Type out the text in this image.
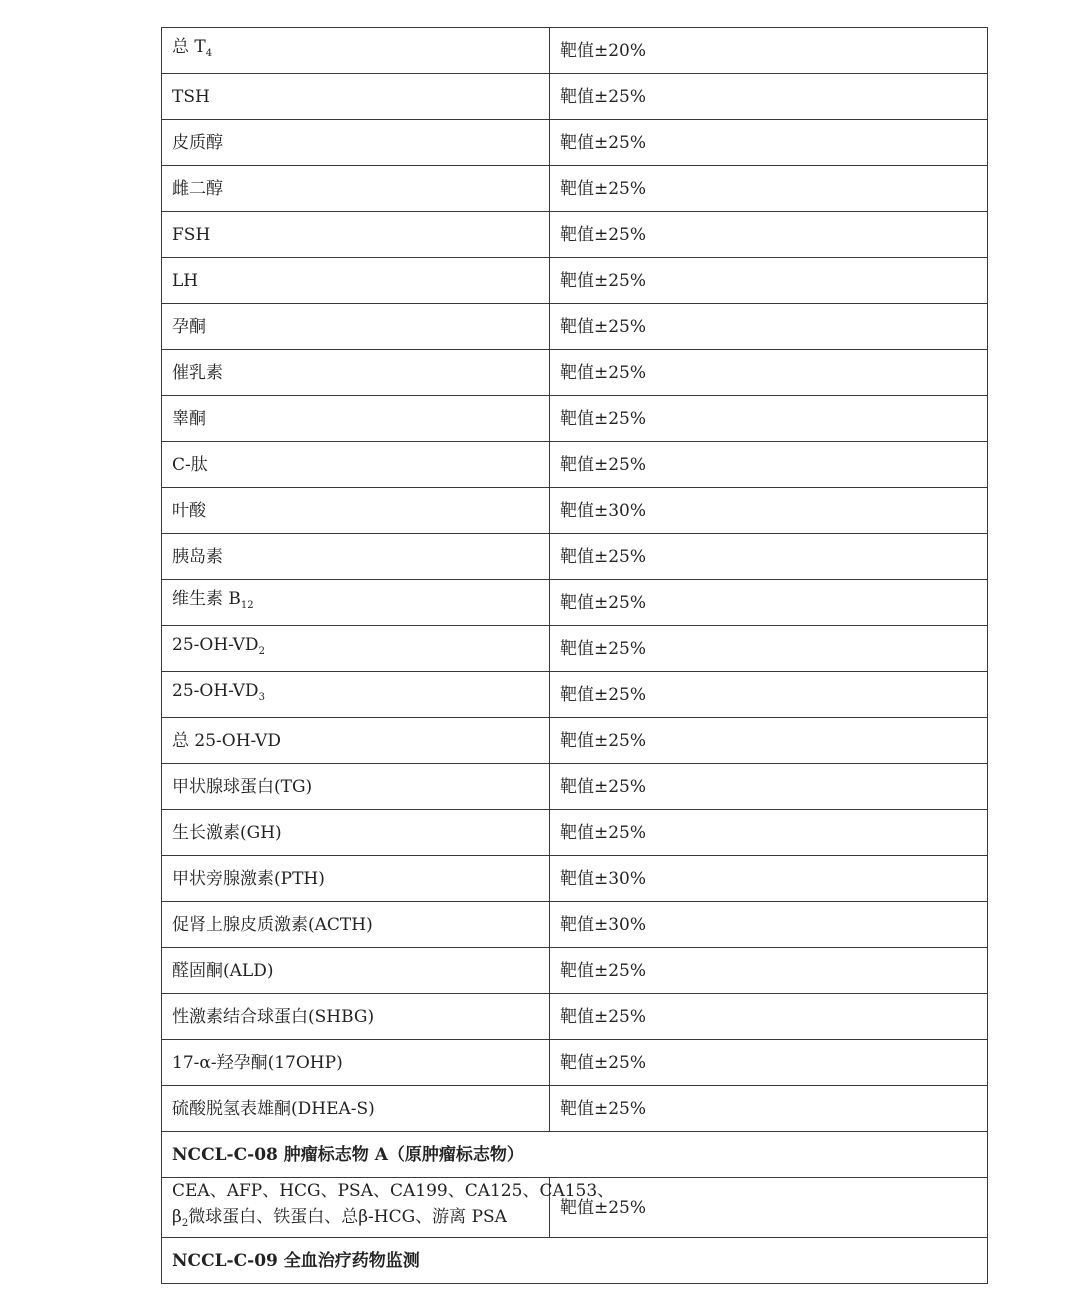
总 $T_4$	靶值±20%
TSH	靶值±25%
皮质醇	靶值±25%
雌二醇	靶值±25%
FSH	靶值±25%
LH	靶值±25%
孕酮	靶值±25%
催乳素	靶值±25%
睾酮	靶值±25%
C-肽	靶值±25%
叶酸	靶值±30%
胰岛素	靶值±25%
维生素 $B_{12}$	靶值±25%
$25-OH-VD_2$	靶值±25%
$25-OH-VD_3$	靶值±25%
总 25-OH-VD	靶值±25%
甲状腺球蛋白(TG)	靶值±25%
生长激素(GH)	靶值±25%
甲状旁腺激素(PTH)	靶值±30%
促肾上腺皮质激素(ACTH)	靶值±30%
醛固酮(ALD)	靶值±25%
性激素结合球蛋白(SHBG)	靶值±25%
17-α-羟孕酮(17OHP)	靶值±25%
硫酸脱氢表雄酮(DHEA-S)	靶值±25%
NCCL-C-08 肿瘤标志物 A（原肿瘤标志物）	

CEA、AFP、HCG、PSA、CA199、CA125、CA153、
$\beta_2$微球蛋白、铁蛋白、总β-HCG、游离 PSA	靶值±25%
NCCL-C-09 全血治疗药物监测	
